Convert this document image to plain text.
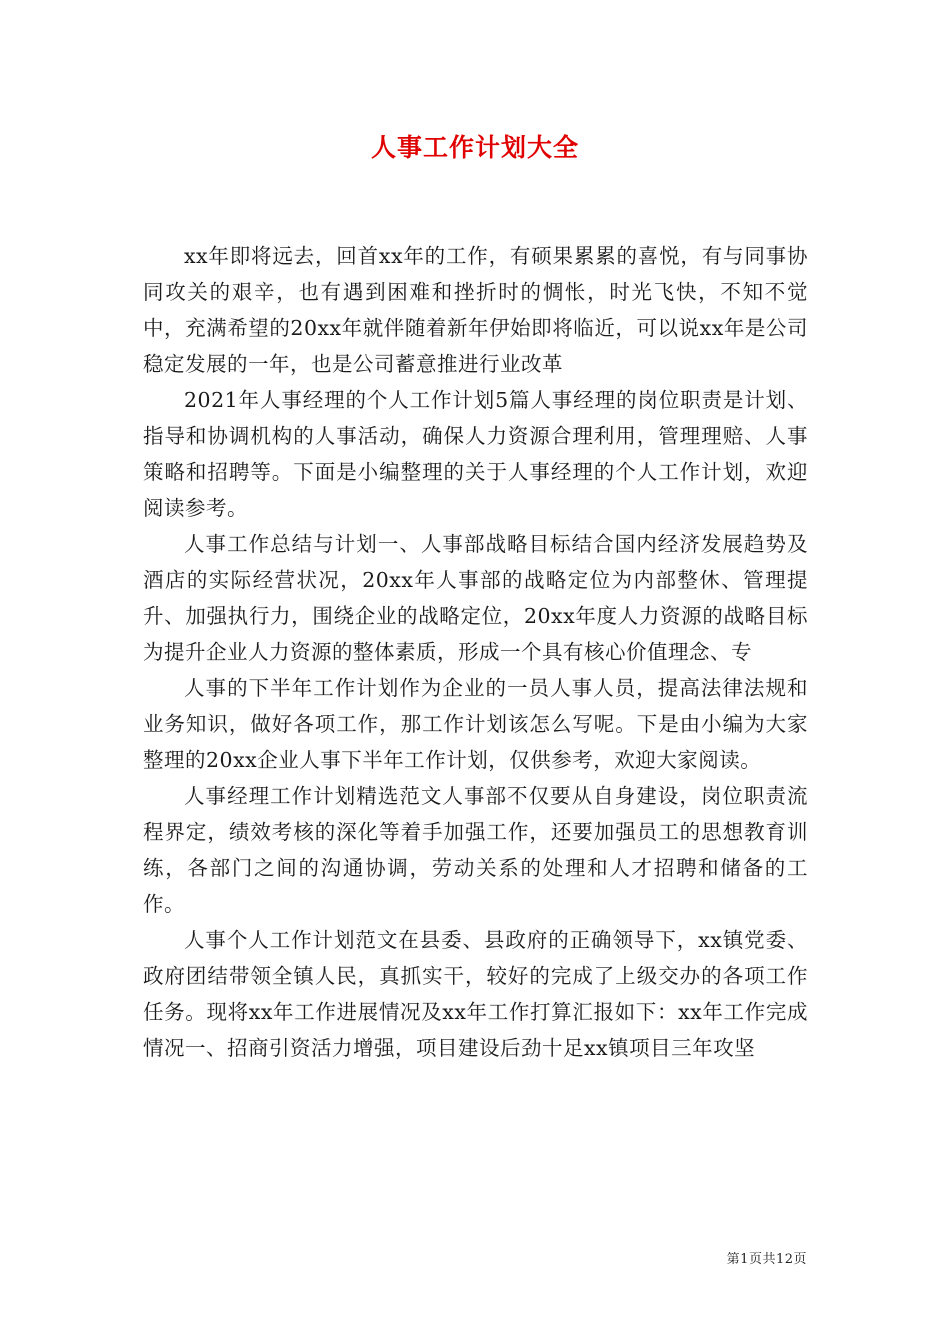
人事工作计划大全

xx年即将远去，回首xx年的工作，有硕果累累的喜悦，有与同事协同攻关的艰辛，也有遇到困难和挫折时的惆怅，时光飞快，不知不觉中，充满希望的20xx年就伴随着新年伊始即将临近，可以说xx年是公司稳定发展的一年，也是公司蓄意推进行业改革

2021年人事经理的个人工作计划5篇人事经理的岗位职责是计划、指导和协调机构的人事活动，确保人力资源合理利用，管理理赔、人事策略和招聘等。下面是小编整理的关于人事经理的个人工作计划，欢迎阅读参考。

人事工作总结与计划一、人事部战略目标结合国内经济发展趋势及酒店的实际经营状况，20xx年人事部的战略定位为内部整休、管理提升、加强执行力，围绕企业的战略定位，20xx年度人力资源的战略目标为提升企业人力资源的整体素质，形成一个具有核心价值理念、专

人事的下半年工作计划作为企业的一员人事人员，提高法律法规和业务知识，做好各项工作，那工作计划该怎么写呢。下是由小编为大家整理的20xx企业人事下半年工作计划，仅供参考，欢迎大家阅读。

人事经理工作计划精选范文人事部不仅要从自身建设，岗位职责流程界定，绩效考核的深化等着手加强工作，还要加强员工的思想教育训练，各部门之间的沟通协调，劳动关系的处理和人才招聘和储备的工作。

人事个人工作计划范文在县委、县政府的正确领导下，xx镇党委、政府团结带领全镇人民，真抓实干，较好的完成了上级交办的各项工作任务。现将xx年工作进展情况及xx年工作打算汇报如下：xx年工作完成情况一、招商引资活力增强，项目建设后劲十足xx镇项目三年攻坚

第1页共12页
